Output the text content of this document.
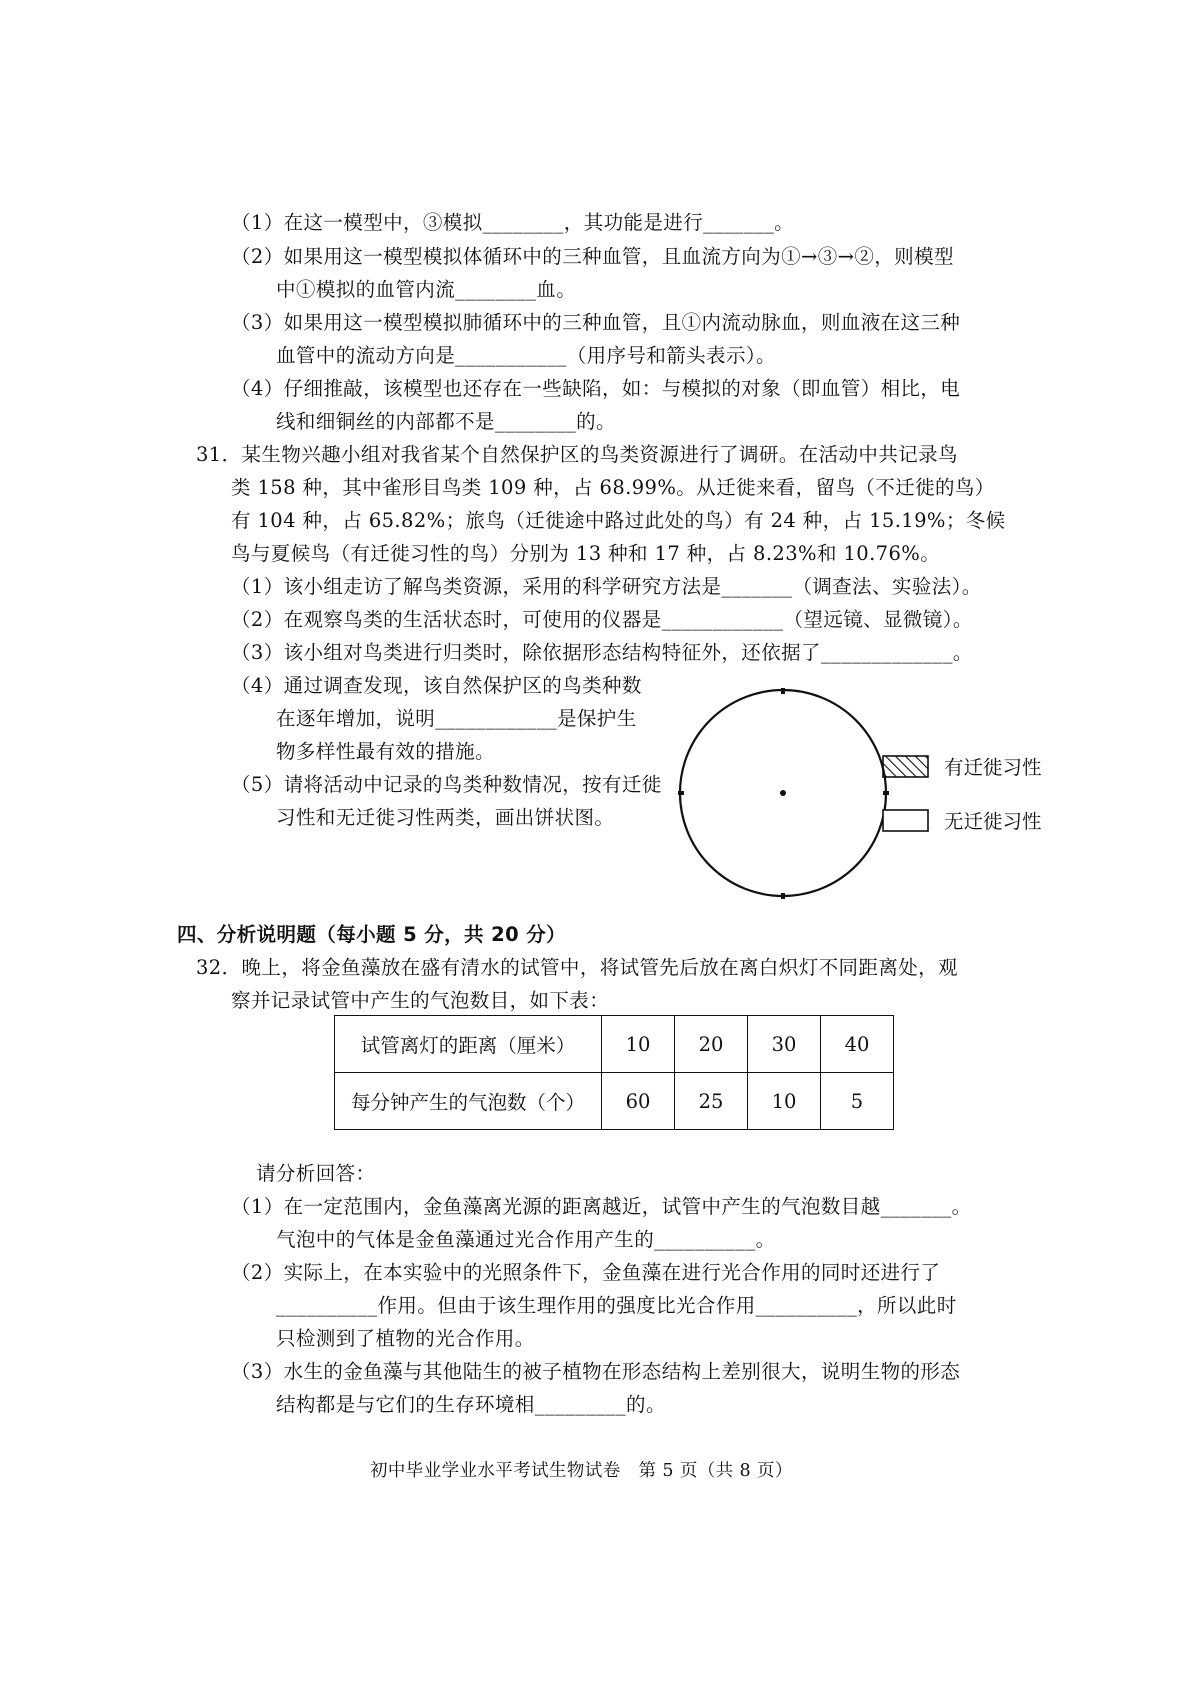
（1）在这一模型中，③模拟________，其功能是进行_______。
（2）如果用这一模型模拟体循环中的三种血管，且血流方向为①→③→②，则模型
中①模拟的血管内流________血。
（3）如果用这一模型模拟肺循环中的三种血管，且①内流动脉血，则血液在这三种
血管中的流动方向是___________（用序号和箭头表示）。
（4）仔细推敲，该模型也还存在一些缺陷，如：与模拟的对象（即血管）相比，电
线和细铜丝的内部都不是________的。
31．某生物兴趣小组对我省某个自然保护区的鸟类资源进行了调研。在活动中共记录鸟
类 158 种，其中雀形目鸟类 109 种，占 68.99%。从迁徙来看，留鸟（不迁徙的鸟）
有 104 种，占 65.82%；旅鸟（迁徙途中路过此处的鸟）有 24 种，占 15.19%；冬候
鸟与夏候鸟（有迁徙习性的鸟）分别为 13 种和 17 种，占 8.23%和 10.76%。
（1）该小组走访了解鸟类资源，采用的科学研究方法是_______（调查法、实验法）。
（2）在观察鸟类的生活状态时，可使用的仪器是____________（望远镜、显微镜）。
（3）该小组对鸟类进行归类时，除依据形态结构特征外，还依据了_____________。
（4）通过调查发现，该自然保护区的鸟类种数
在逐年增加，说明____________是保护生
物多样性最有效的措施。
（5）请将活动中记录的鸟类种数情况，按有迁徙
习性和无迁徙习性两类，画出饼状图。
有迁徙习性
无迁徙习性
四、分析说明题（每小题 5 分，共 20 分）
32．晚上，将金鱼藻放在盛有清水的试管中，将试管先后放在离白炽灯不同距离处，观
察并记录试管中产生的气泡数目，如下表：
试管离灯的距离（厘米）	10	20	30	40
每分钟产生的气泡数（个）	60	25	10	5
请分析回答：
（1）在一定范围内，金鱼藻离光源的距离越近，试管中产生的气泡数目越_______。
气泡中的气体是金鱼藻通过光合作用产生的__________。
（2）实际上，在本实验中的光照条件下，金鱼藻在进行光合作用的同时还进行了
__________作用。但由于该生理作用的强度比光合作用__________，所以此时
只检测到了植物的光合作用。
（3）水生的金鱼藻与其他陆生的被子植物在形态结构上差别很大，说明生物的形态
结构都是与它们的生存环境相_________的。
初中毕业学业水平考试生物试卷　第 5 页（共 8 页）
